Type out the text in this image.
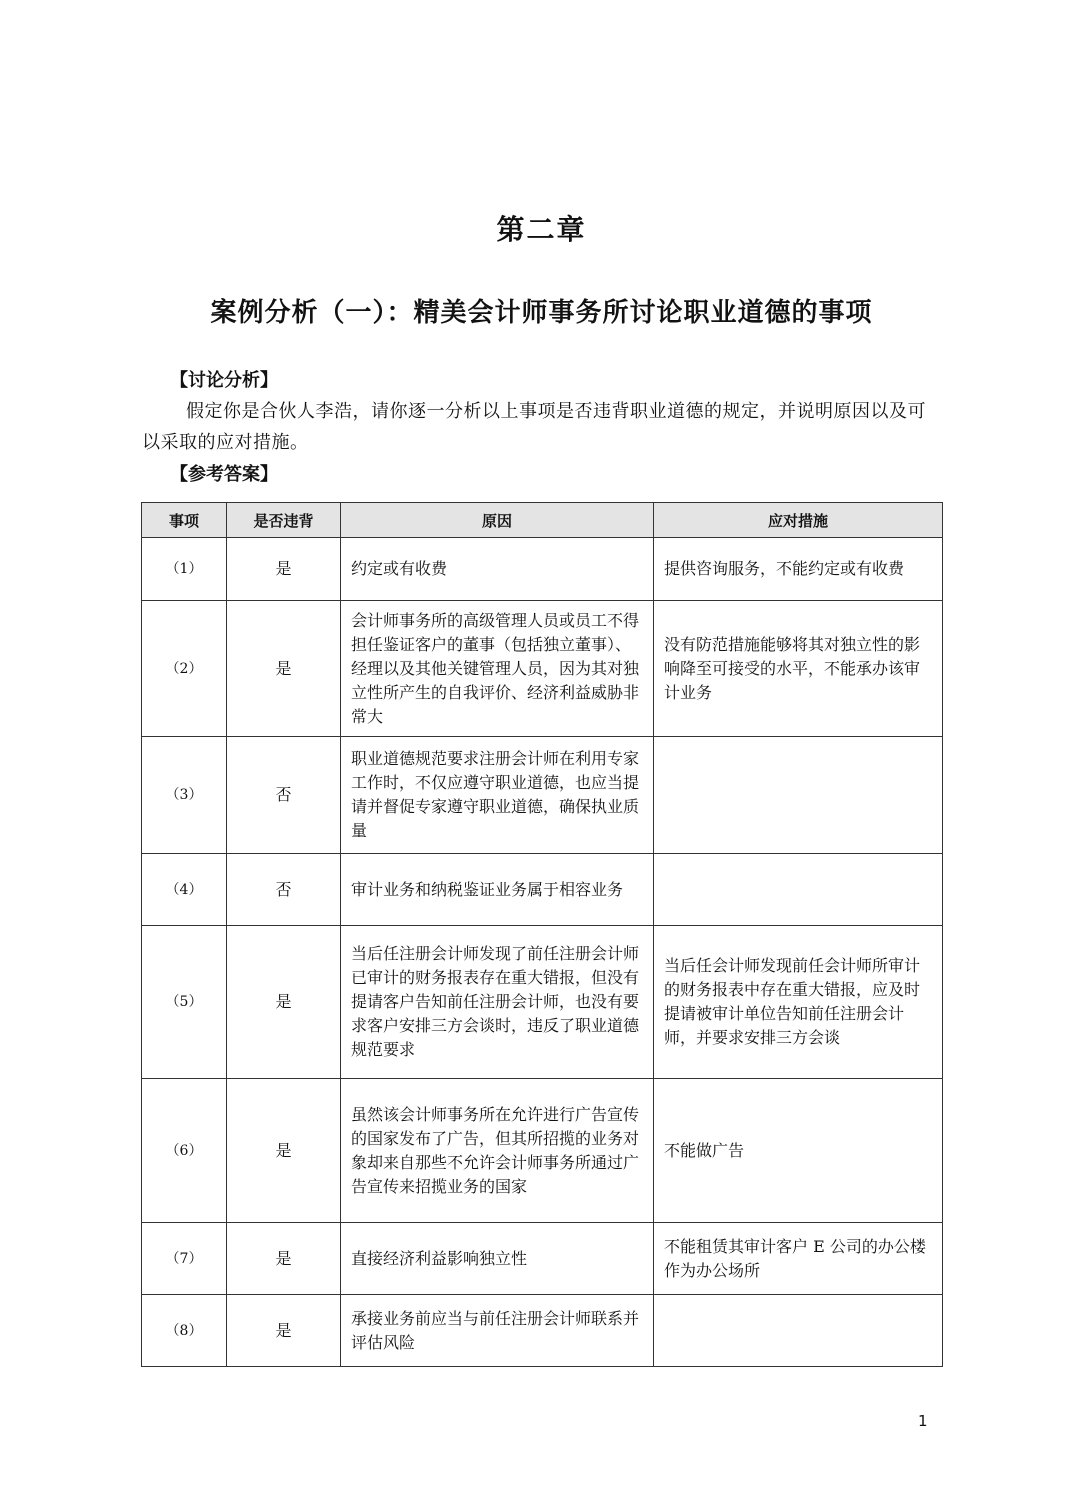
第二章
案例分析（一）：精美会计师事务所讨论职业道德的事项
【讨论分析】
假定你是合伙人李浩，请你逐一分析以上事项是否违背职业道德的规定，并说明原因以及可以采取的应对措施。
【参考答案】
事项	是否违背	原因	应对措施
（1）	是	约定或有收费	提供咨询服务，不能约定或有收费
（2）	是	会计师事务所的高级管理人员或员工不得担任鉴证客户的董事（包括独立董事）、经理以及其他关键管理人员，因为其对独立性所产生的自我评价、经济利益威胁非常大	没有防范措施能够将其对独立性的影响降至可接受的水平，不能承办该审计业务
（3）	否	职业道德规范要求注册会计师在利用专家工作时，不仅应遵守职业道德，也应当提请并督促专家遵守职业道德，确保执业质量	
（4）	否	审计业务和纳税鉴证业务属于相容业务	
（5）	是	当后任注册会计师发现了前任注册会计师已审计的财务报表存在重大错报，但没有提请客户告知前任注册会计师，也没有要求客户安排三方会谈时，违反了职业道德规范要求	当后任会计师发现前任会计师所审计的财务报表中存在重大错报，应及时提请被审计单位告知前任注册会计师，并要求安排三方会谈
（6）	是	虽然该会计师事务所在允许进行广告宣传的国家发布了广告，但其所招揽的业务对象却来自那些不允许会计师事务所通过广告宣传来招揽业务的国家	不能做广告
（7）	是	直接经济利益影响独立性	不能租赁其审计客户 E 公司的办公楼作为办公场所
（8）	是	承接业务前应当与前任注册会计师联系并评估风险	
1
